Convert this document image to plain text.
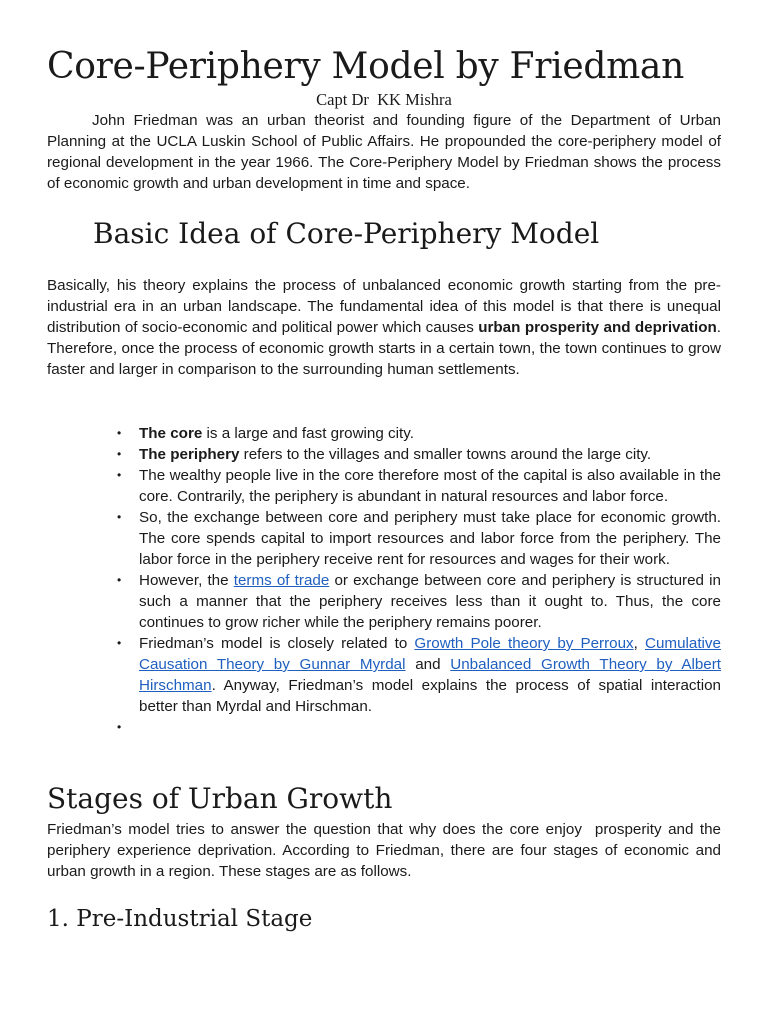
Core-Periphery Model by Friedman
Capt Dr  KK Mishra

John Friedman was an urban theorist and founding figure of the Department of Urban Planning at the UCLA Luskin School of Public Affairs. He propounded the core-periphery model of regional development in the year 1966. The Core-Periphery Model by Friedman shows the process of economic growth and urban development in time and space.

Basic Idea of Core-Periphery Model

Basically, his theory explains the process of unbalanced economic growth starting from the pre-industrial era in an urban landscape. The fundamental idea of this model is that there is unequal distribution of socio-economic and political power which causes urban prosperity and deprivation. Therefore, once the process of economic growth starts in a certain town, the town continues to grow faster and larger in comparison to the surrounding human settlements.

• The core is a large and fast growing city.
• The periphery refers to the villages and smaller towns around the large city.
• The wealthy people live in the core therefore most of the capital is also available in the core. Contrarily, the periphery is abundant in natural resources and labor force.
• So, the exchange between core and periphery must take place for economic growth. The core spends capital to import resources and labor force from the periphery. The labor force in the periphery receive rent for resources and wages for their work.
• However, the terms of trade or exchange between core and periphery is structured in such a manner that the periphery receives less than it ought to. Thus, the core continues to grow richer while the periphery remains poorer.
• Friedman’s model is closely related to Growth Pole theory by Perroux, Cumulative Causation Theory by Gunnar Myrdal and Unbalanced Growth Theory by Albert Hirschman. Anyway, Friedman’s model explains the process of spatial interaction better than Myrdal and Hirschman.
•
Stages of Urban Growth

Friedman’s model tries to answer the question that why does the core enjoy  prosperity and the periphery experience deprivation. According to Friedman, there are four stages of economic and urban growth in a region. These stages are as follows.

1. Pre-Industrial Stage
